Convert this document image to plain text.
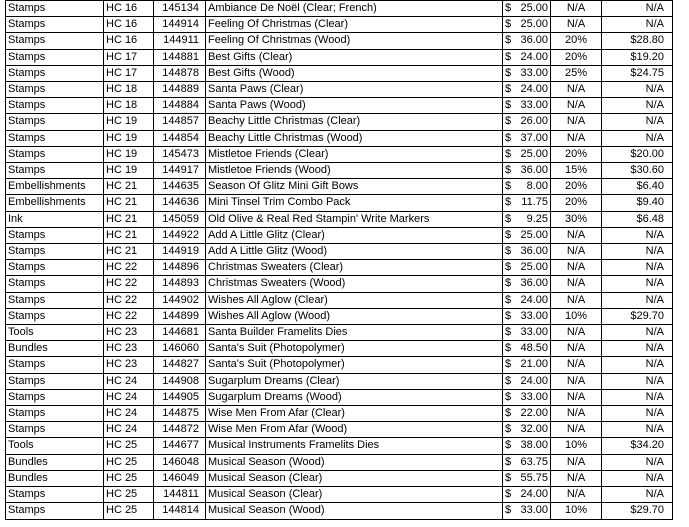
Stamps	HC 16	145134	Ambiance De Noël (Clear; French)	$ 25.00	N/A	N/A
Stamps	HC 16	144914	Feeling Of Christmas (Clear)	$ 25.00	N/A	N/A
Stamps	HC 16	144911	Feeling Of Christmas (Wood)	$ 36.00	20%	$28.80
Stamps	HC 17	144881	Best Gifts (Clear)	$ 24.00	20%	$19.20
Stamps	HC 17	144878	Best Gifts (Wood)	$ 33.00	25%	$24.75
Stamps	HC 18	144889	Santa Paws (Clear)	$ 24.00	N/A	N/A
Stamps	HC 18	144884	Santa Paws (Wood)	$ 33.00	N/A	N/A
Stamps	HC 19	144857	Beachy Little Christmas (Clear)	$ 26.00	N/A	N/A
Stamps	HC 19	144854	Beachy Little Christmas (Wood)	$ 37.00	N/A	N/A
Stamps	HC 19	145473	Mistletoe Friends (Clear)	$ 25.00	20%	$20.00
Stamps	HC 19	144917	Mistletoe Friends (Wood)	$ 36.00	15%	$30.60
Embellishments	HC 21	144635	Season Of Glitz Mini Gift Bows	$ 8.00	20%	$6.40
Embellishments	HC 21	144636	Mini Tinsel Trim Combo Pack	$ 11.75	20%	$9.40
Ink	HC 21	145059	Old Olive & Real Red Stampin' Write Markers	$ 9.25	30%	$6.48
Stamps	HC 21	144922	Add A Little Glitz (Clear)	$ 25.00	N/A	N/A
Stamps	HC 21	144919	Add A Little Glitz (Wood)	$ 36.00	N/A	N/A
Stamps	HC 22	144896	Christmas Sweaters (Clear)	$ 25.00	N/A	N/A
Stamps	HC 22	144893	Christmas Sweaters (Wood)	$ 36.00	N/A	N/A
Stamps	HC 22	144902	Wishes All Aglow (Clear)	$ 24.00	N/A	N/A
Stamps	HC 22	144899	Wishes All Aglow (Wood)	$ 33.00	10%	$29.70
Tools	HC 23	144681	Santa Builder Framelits Dies	$ 33.00	N/A	N/A
Bundles	HC 23	146060	Santa's Suit (Photopolymer)	$ 48.50	N/A	N/A
Stamps	HC 23	144827	Santa's Suit (Photopolymer)	$ 21.00	N/A	N/A
Stamps	HC 24	144908	Sugarplum Dreams (Clear)	$ 24.00	N/A	N/A
Stamps	HC 24	144905	Sugarplum Dreams (Wood)	$ 33.00	N/A	N/A
Stamps	HC 24	144875	Wise Men From Afar (Clear)	$ 22.00	N/A	N/A
Stamps	HC 24	144872	Wise Men From Afar (Wood)	$ 32.00	N/A	N/A
Tools	HC 25	144677	Musical Instruments Framelits Dies	$ 38.00	10%	$34.20
Bundles	HC 25	146048	Musical Season (Wood)	$ 63.75	N/A	N/A
Bundles	HC 25	146049	Musical Season (Clear)	$ 55.75	N/A	N/A
Stamps	HC 25	144811	Musical Season (Clear)	$ 24.00	N/A	N/A
Stamps	HC 25	144814	Musical Season (Wood)	$ 33.00	10%	$29.70
